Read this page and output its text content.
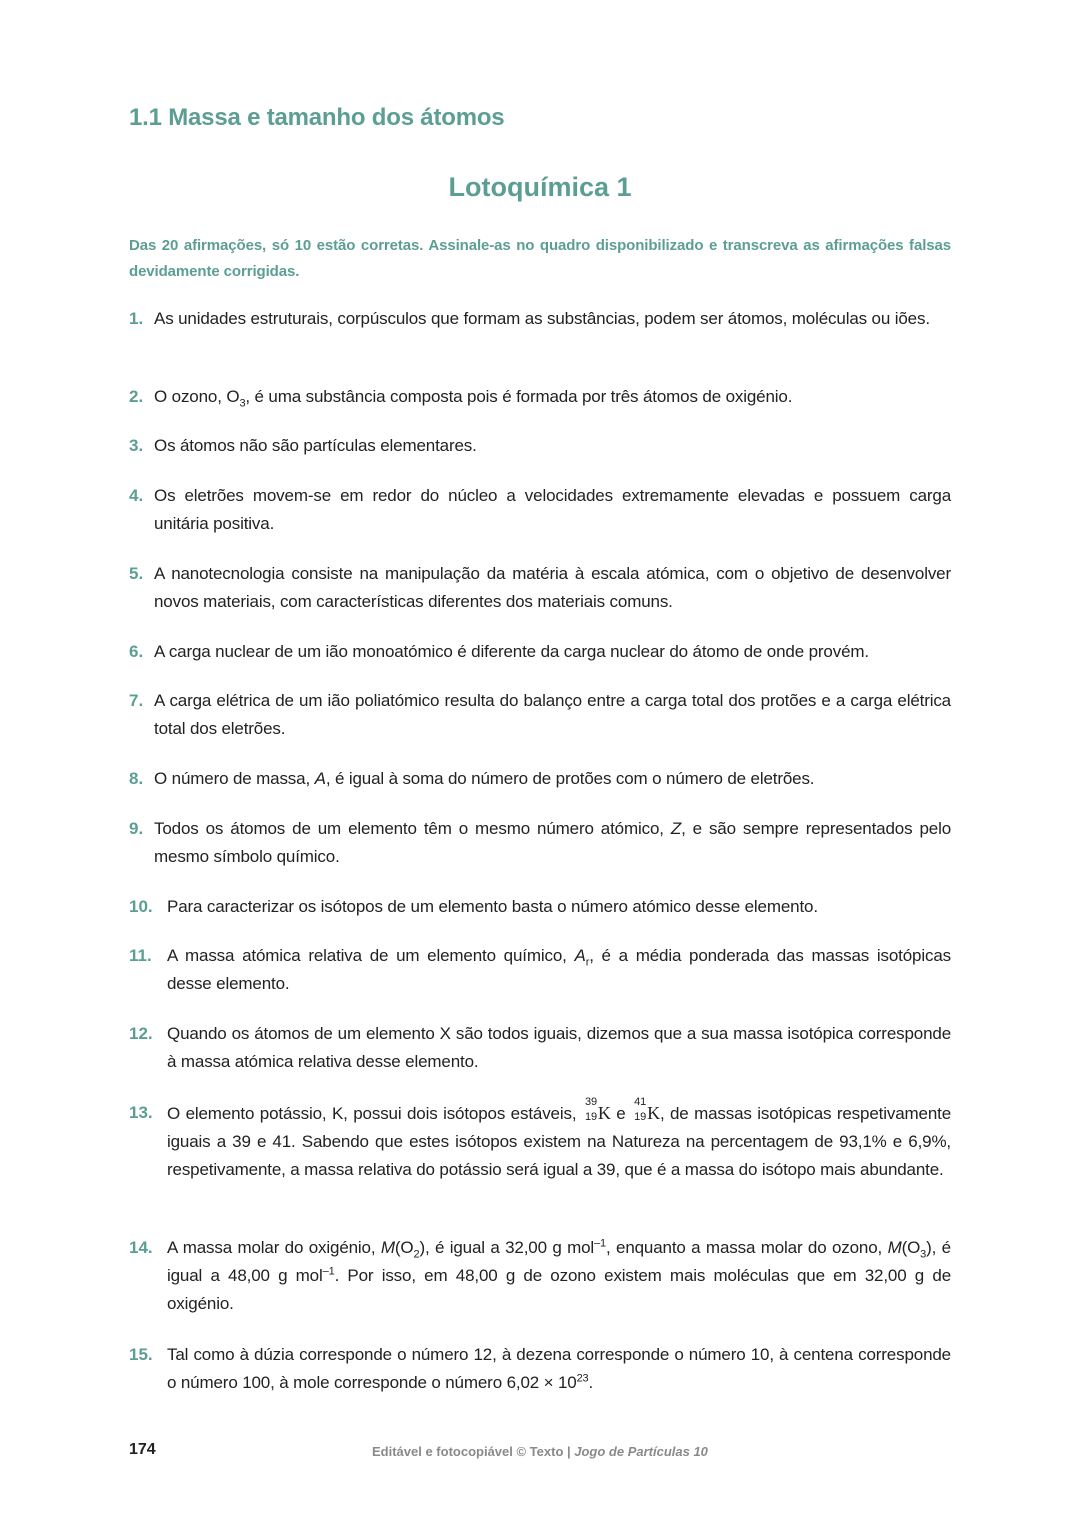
1.1 Massa e tamanho dos átomos
Lotoquímica 1
Das 20 afirmações, só 10 estão corretas. Assinale-as no quadro disponibilizado e transcreva as afirmações falsas devidamente corrigidas.
1. As unidades estruturais, corpúsculos que formam as substâncias, podem ser átomos, moléculas ou iões.
2. O ozono, $O_3$, é uma substância composta pois é formada por três átomos de oxigénio.
3. Os átomos não são partículas elementares.
4. Os eletrões movem-se em redor do núcleo a velocidades extremamente elevadas e possuem carga unitária positiva.
5. A nanotecnologia consiste na manipulação da matéria à escala atómica, com o objetivo de desenvolver novos materiais, com características diferentes dos materiais comuns.
6. A carga nuclear de um ião monoatómico é diferente da carga nuclear do átomo de onde provém.
7. A carga elétrica de um ião poliatómico resulta do balanço entre a carga total dos protões e a carga elétrica total dos eletrões.
8. O número de massa, A, é igual à soma do número de protões com o número de eletrões.
9. Todos os átomos de um elemento têm o mesmo número atómico, Z, e são sempre representados pelo mesmo símbolo químico.
10. Para caracterizar os isótopos de um elemento basta o número atómico desse elemento.
11. A massa atómica relativa de um elemento químico, $A_r$, é a média ponderada das massas isotópicas desse elemento.
12. Quando os átomos de um elemento X são todos iguais, dizemos que a sua massa isotópica corresponde à massa atómica relativa desse elemento.
13. O elemento potássio, K, possui dois isótopos estáveis,
39
19 K e
41
19 K, de massas isotópicas respetivamente iguais a 39 e 41. Sabendo que estes isótopos existem na Natureza na percentagem de 93,1% e 6,9%, respetivamente, a massa relativa do potássio será igual a 39, que é a massa do isótopo mais abundante.
14. A massa molar do oxigénio, $M(O_2)$, é igual a 32,00 g mol$^{-1}$, enquanto a massa molar do ozono, $M(O_3)$, é igual a 48,00 g mol$^{-1}$. Por isso, em 48,00 g de ozono existem mais moléculas que em 32,00 g de oxigénio.
15. Tal como à dúzia corresponde o número 12, à dezena corresponde o número 10, à centena corresponde o número 100, à mole corresponde o número $6,02 \times 10^{23}$.
174	Editável e fotocopiável © Texto | Jogo de Partículas 10
